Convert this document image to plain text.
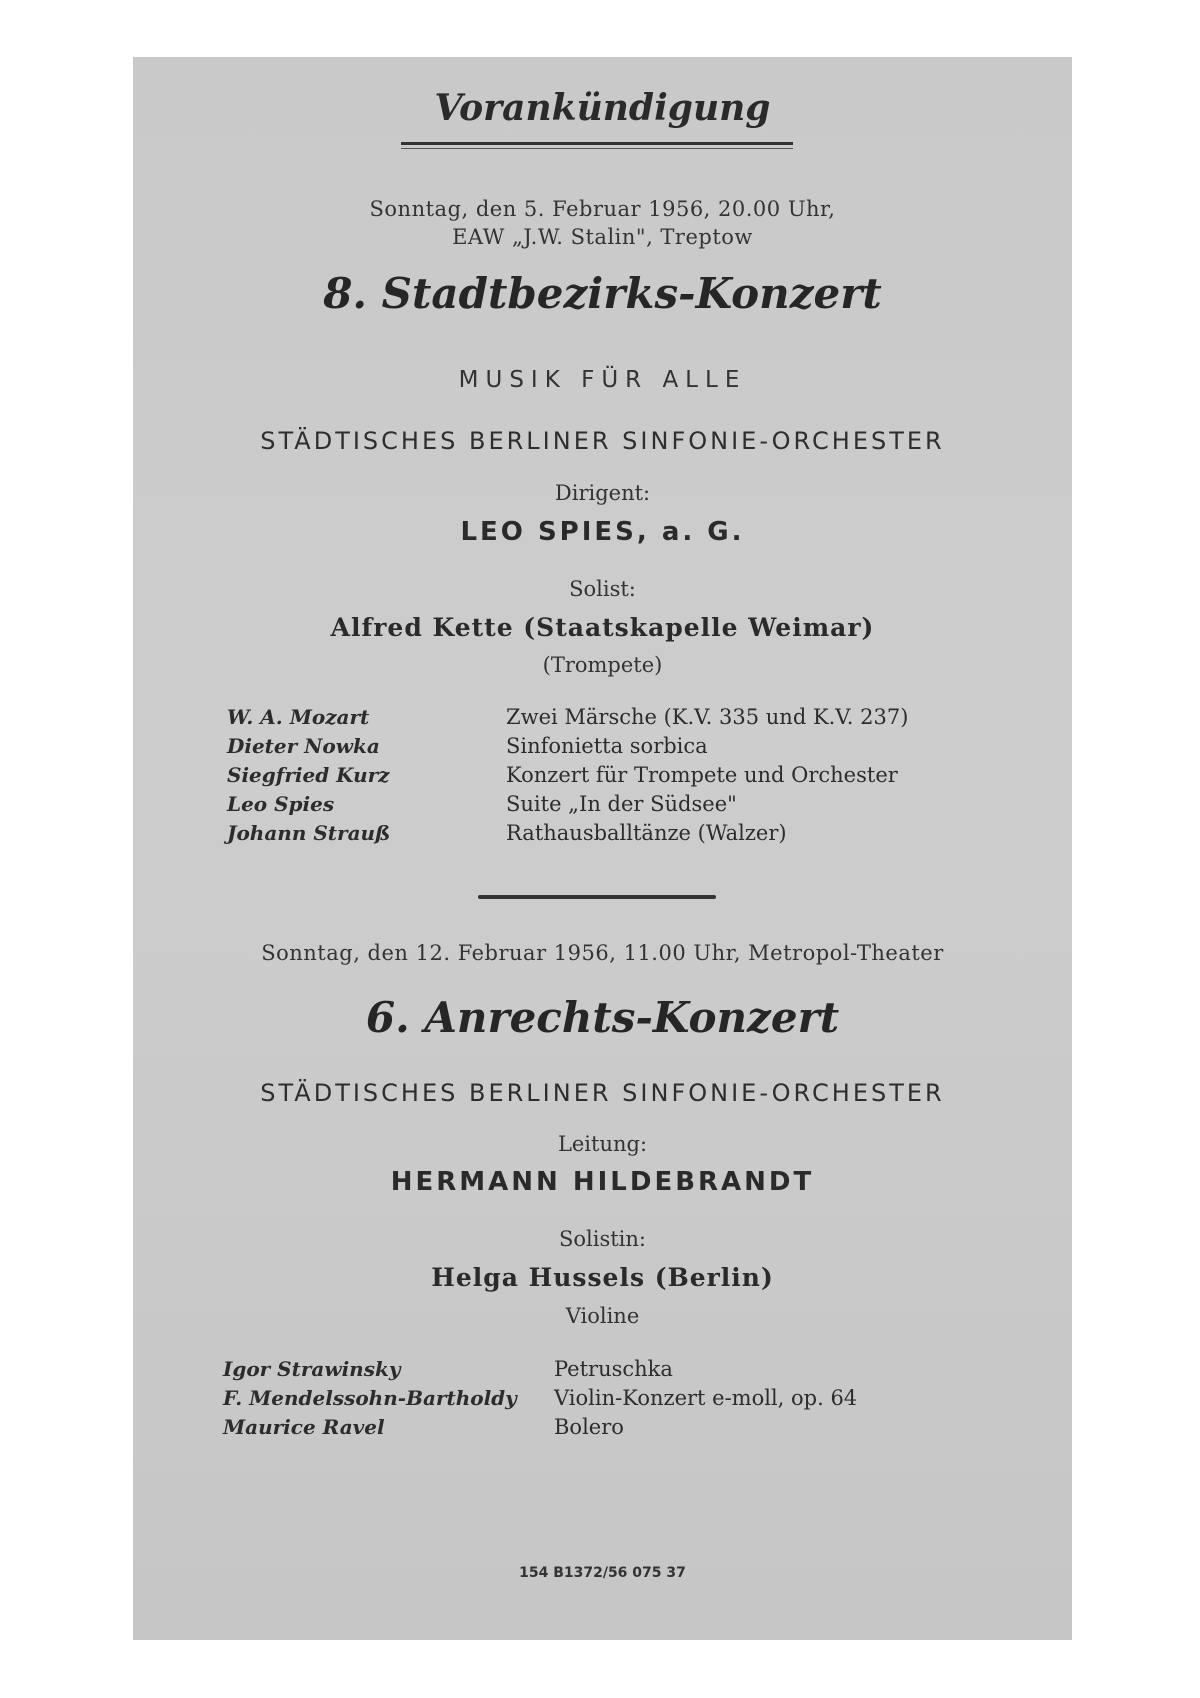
Vorankündigung
Sonntag, den 5. Februar 1956, 20.00 Uhr,
EAW „J.W. Stalin", Treptow
8. Stadtbezirks-Konzert
MUSIK FÜR ALLE
STÄDTISCHES BERLINER SINFONIE-ORCHESTER
Dirigent:
LEO SPIES, a. G.
Solist:
Alfred Kette (Staatskapelle Weimar)
(Trompete)
W. A. Mozart	Zwei Märsche (K.V. 335 und K.V. 237)
Dieter Nowka	Sinfonietta sorbica
Siegfried Kurz	Konzert für Trompete und Orchester
Leo Spies	Suite „In der Südsee"
Johann Strauß	Rathausballtänze (Walzer)
Sonntag, den 12. Februar 1956, 11.00 Uhr, Metropol-Theater
6. Anrechts-Konzert
STÄDTISCHES BERLINER SINFONIE-ORCHESTER
Leitung:
HERMANN HILDEBRANDT
Solistin:
Helga Hussels (Berlin)
Violine
Igor Strawinsky	Petruschka
F. Mendelssohn-Bartholdy Violin-Konzert e-moll, op. 64
Maurice Ravel	Bolero
154 B1372/56 075 37
